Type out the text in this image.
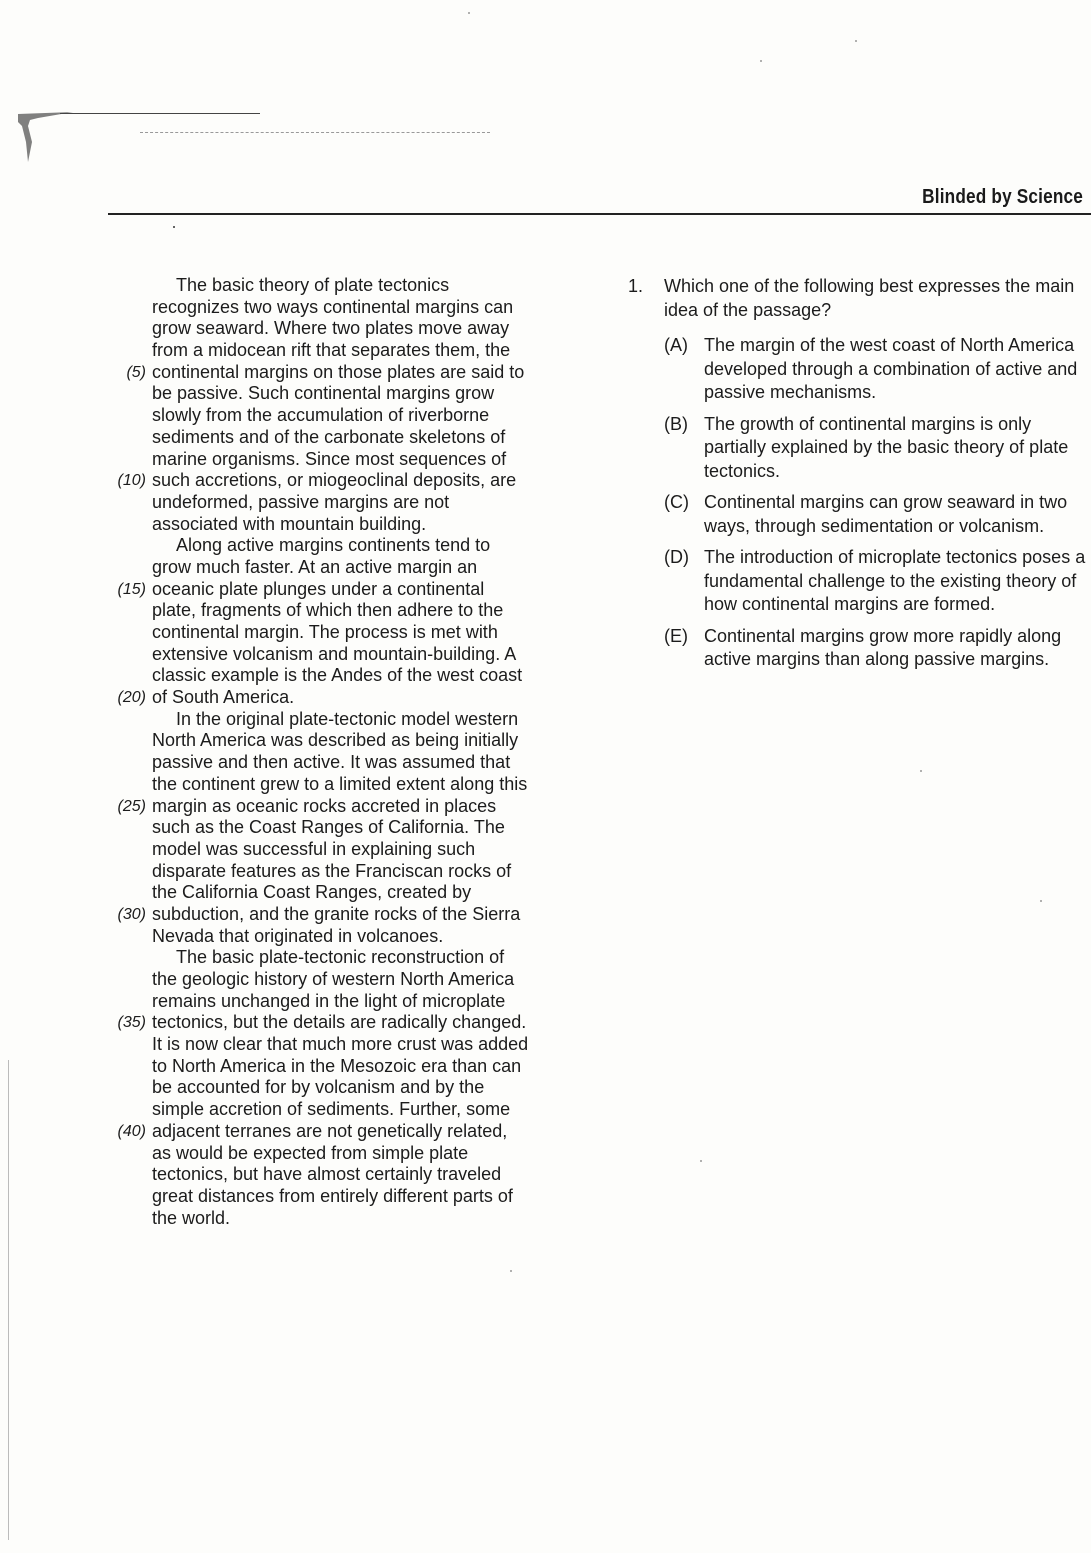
Blinded by Science
The basic theory of plate tectonics
recognizes two ways continental margins can
grow seaward. Where two plates move away
from a midocean rift that separates them, the
(5) continental margins on those plates are said to
be passive. Such continental margins grow
slowly from the accumulation of riverborne
sediments and of the carbonate skeletons of
marine organisms. Since most sequences of
(10) such accretions, or miogeoclinal deposits, are
undeformed, passive margins are not
associated with mountain building.
Along active margins continents tend to
grow much faster. At an active margin an
(15) oceanic plate plunges under a continental
plate, fragments of which then adhere to the
continental margin. The process is met with
extensive volcanism and mountain-building. A
classic example is the Andes of the west coast
(20) of South America.
In the original plate-tectonic model western
North America was described as being initially
passive and then active. It was assumed that
the continent grew to a limited extent along this
(25) margin as oceanic rocks accreted in places
such as the Coast Ranges of California. The
model was successful in explaining such
disparate features as the Franciscan rocks of
the California Coast Ranges, created by
(30) subduction, and the granite rocks of the Sierra
Nevada that originated in volcanoes.
The basic plate-tectonic reconstruction of
the geologic history of western North America
remains unchanged in the light of microplate
(35) tectonics, but the details are radically changed.
It is now clear that much more crust was added
to North America in the Mesozoic era than can
be accounted for by volcanism and by the
simple accretion of sediments. Further, some
(40) adjacent terranes are not genetically related,
as would be expected from simple plate
tectonics, but have almost certainly traveled
great distances from entirely different parts of
the world.
1. Which one of the following best expresses the main idea of the passage?
(A) The margin of the west coast of North America developed through a combination of active and passive mechanisms.
(B) The growth of continental margins is only partially explained by the basic theory of plate tectonics.
(C) Continental margins can grow seaward in two ways, through sedimentation or volcanism.
(D) The introduction of microplate tectonics poses a fundamental challenge to the existing theory of how continental margins are formed.
(E) Continental margins grow more rapidly along active margins than along passive margins.
